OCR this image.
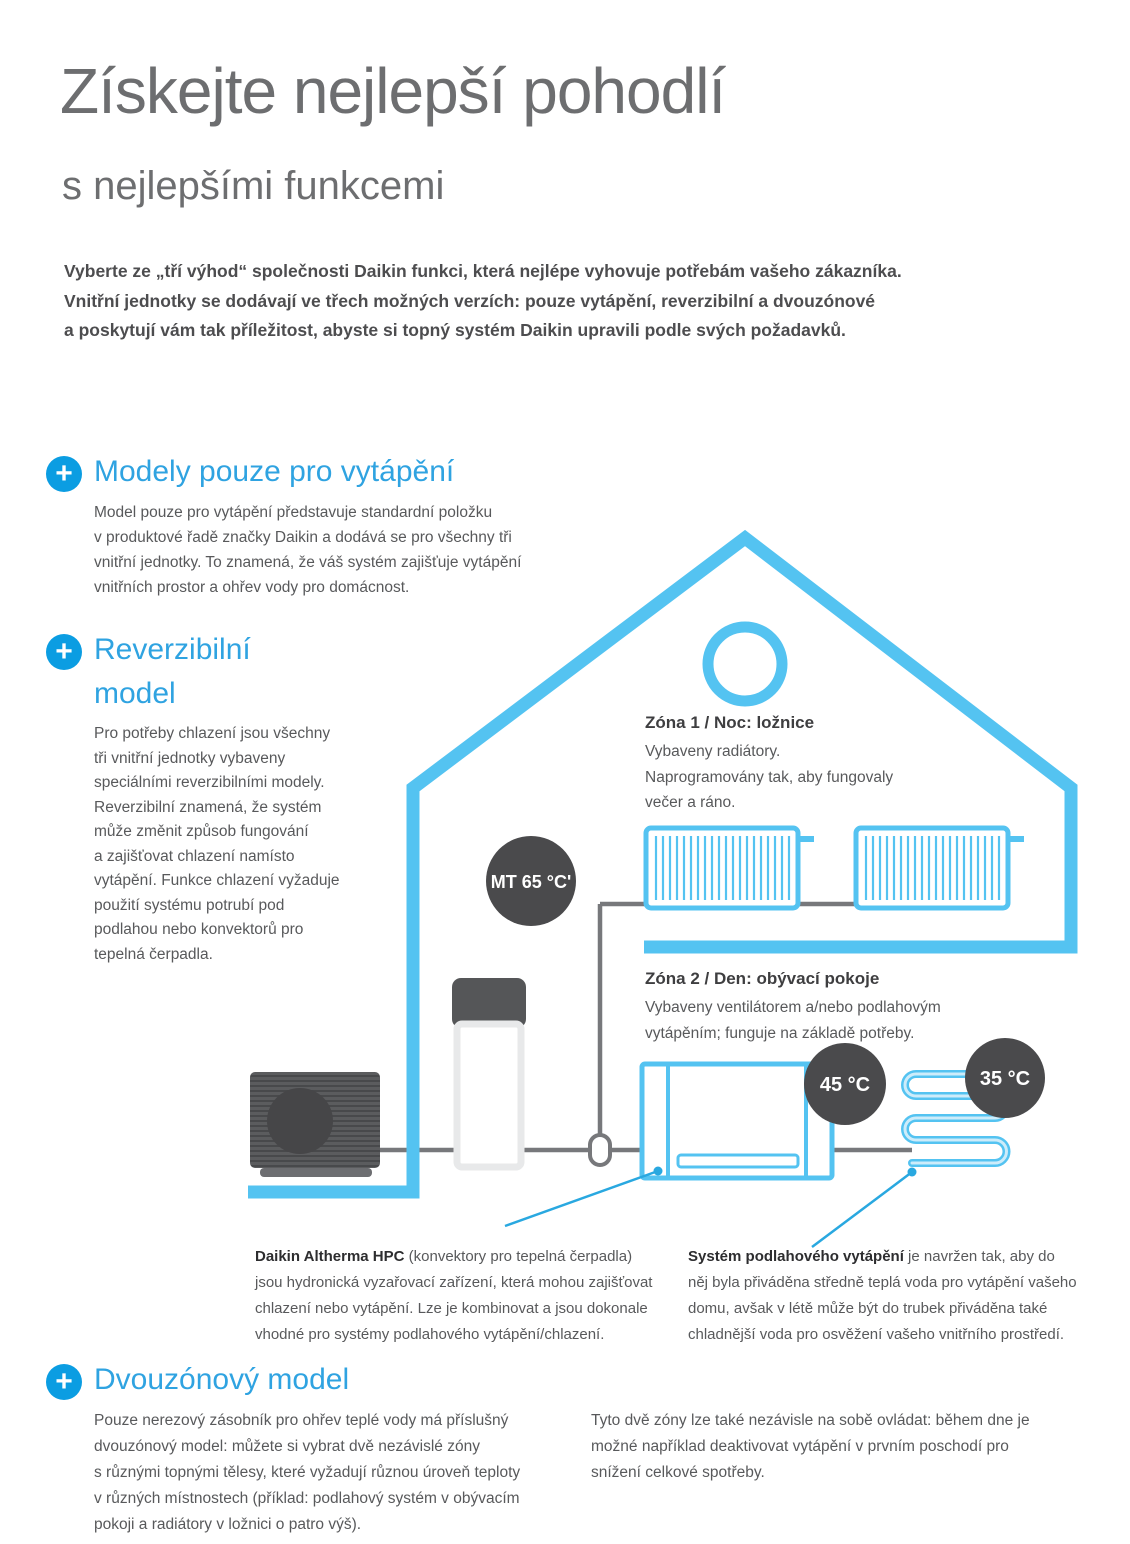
Získejte nejlepší pohodlí
s nejlepšími funkcemi
Vyberte ze „tří výhod“ společnosti Daikin funkci, která nejlépe vyhovuje potřebám vašeho zákazníka.
Vnitřní jednotky se dodávají ve třech možných verzích: pouze vytápění, reverzibilní a dvouzónové
a poskytují vám tak příležitost, abyste si topný systém Daikin upravili podle svých požadavků.
+ Modely pouze pro vytápění
Model pouze pro vytápění představuje standardní položku
v produktové řadě značky Daikin a dodává se pro všechny tři
vnitřní jednotky. To znamená, že váš systém zajišťuje vytápění
vnitřních prostor a ohřev vody pro domácnost.
+ Reverzibilní
model
Pro potřeby chlazení jsou všechny
tři vnitřní jednotky vybaveny
speciálními reverzibilními modely.
Reverzibilní znamená, že systém
může změnit způsob fungování
a zajišťovat chlazení namísto
vytápění. Funkce chlazení vyžaduje
použití systému potrubí pod
podlahou nebo konvektorů pro
tepelná čerpadla.
MT 65 °C'
45 °C	35 °C
Zóna 1 / Noc: ložnice
Vybaveny radiátory.
Naprogramovány tak, aby fungovaly
večer a ráno.
Zóna 2 / Den: obývací pokoje
Vybaveny ventilátorem a/nebo podlahovým
vytápěním; funguje na základě potřeby.

Daikin Altherma HPC (konvektory pro tepelná čerpadla)
jsou hydronická vyzařovací zařízení, která mohou zajišťovat
chlazení nebo vytápění. Lze je kombinovat a jsou dokonale
vhodné pro systémy podlahového vytápění/chlazení.

Systém podlahového vytápění je navržen tak, aby do
něj byla přiváděna středně teplá voda pro vytápění vašeho
domu, avšak v létě může být do trubek přiváděna také
chladnější voda pro osvěžení vašeho vnitřního prostředí.

+ Dvouzónový model
Pouze nerezový zásobník pro ohřev teplé vody má příslušný
dvouzónový model: můžete si vybrat dvě nezávislé zóny
s různými topnými tělesy, které vyžadují různou úroveň teploty
v různých místnostech (příklad: podlahový systém v obývacím
pokoji a radiátory v ložnici o patro výš).
Tyto dvě zóny lze také nezávisle na sobě ovládat: během dne je
možné například deaktivovat vytápění v prvním poschodí pro
snížení celkové spotřeby.
